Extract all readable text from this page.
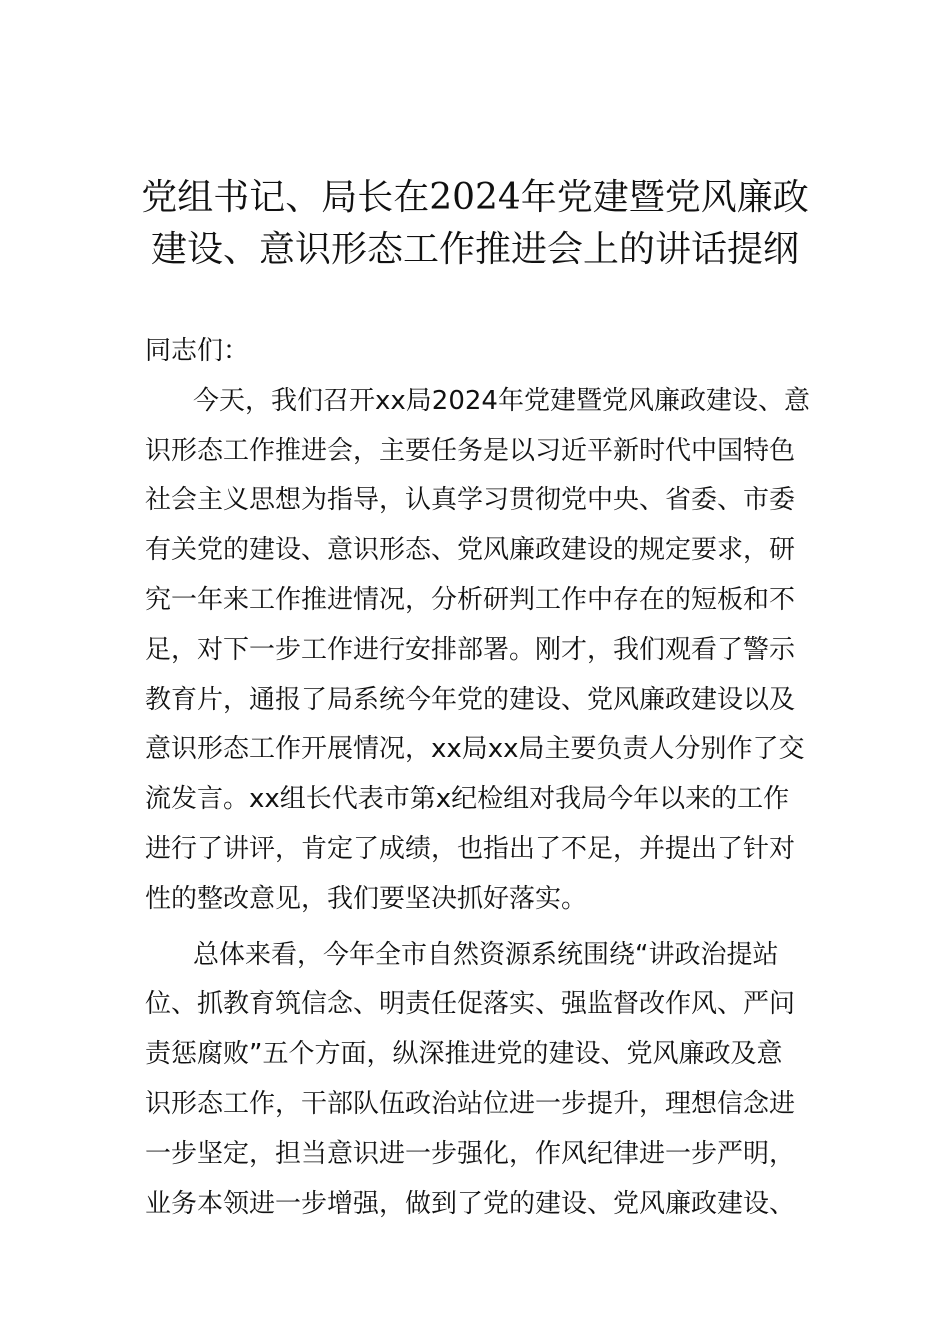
党组书记、局长在2024年党建暨党风廉政
建设、意识形态工作推进会上的讲话提纲
同志们：
今天，我们召开xx局2024年党建暨党风廉政建设、意
识形态工作推进会，主要任务是以习近平新时代中国特色
社会主义思想为指导，认真学习贯彻党中央、省委、市委
有关党的建设、意识形态、党风廉政建设的规定要求，研
究一年来工作推进情况，分析研判工作中存在的短板和不
足，对下一步工作进行安排部署。刚才，我们观看了警示
教育片，通报了局系统今年党的建设、党风廉政建设以及
意识形态工作开展情况，xx局xx局主要负责人分别作了交
流发言。xx组长代表市第x纪检组对我局今年以来的工作
进行了讲评，肯定了成绩，也指出了不足，并提出了针对
性的整改意见，我们要坚决抓好落实。
总体来看，今年全市自然资源系统围绕“讲政治提站
位、抓教育筑信念、明责任促落实、强监督改作风、严问
责惩腐败”五个方面，纵深推进党的建设、党风廉政及意
识形态工作，干部队伍政治站位进一步提升，理想信念进
一步坚定，担当意识进一步强化，作风纪律进一步严明，
业务本领进一步增强，做到了党的建设、党风廉政建设、
